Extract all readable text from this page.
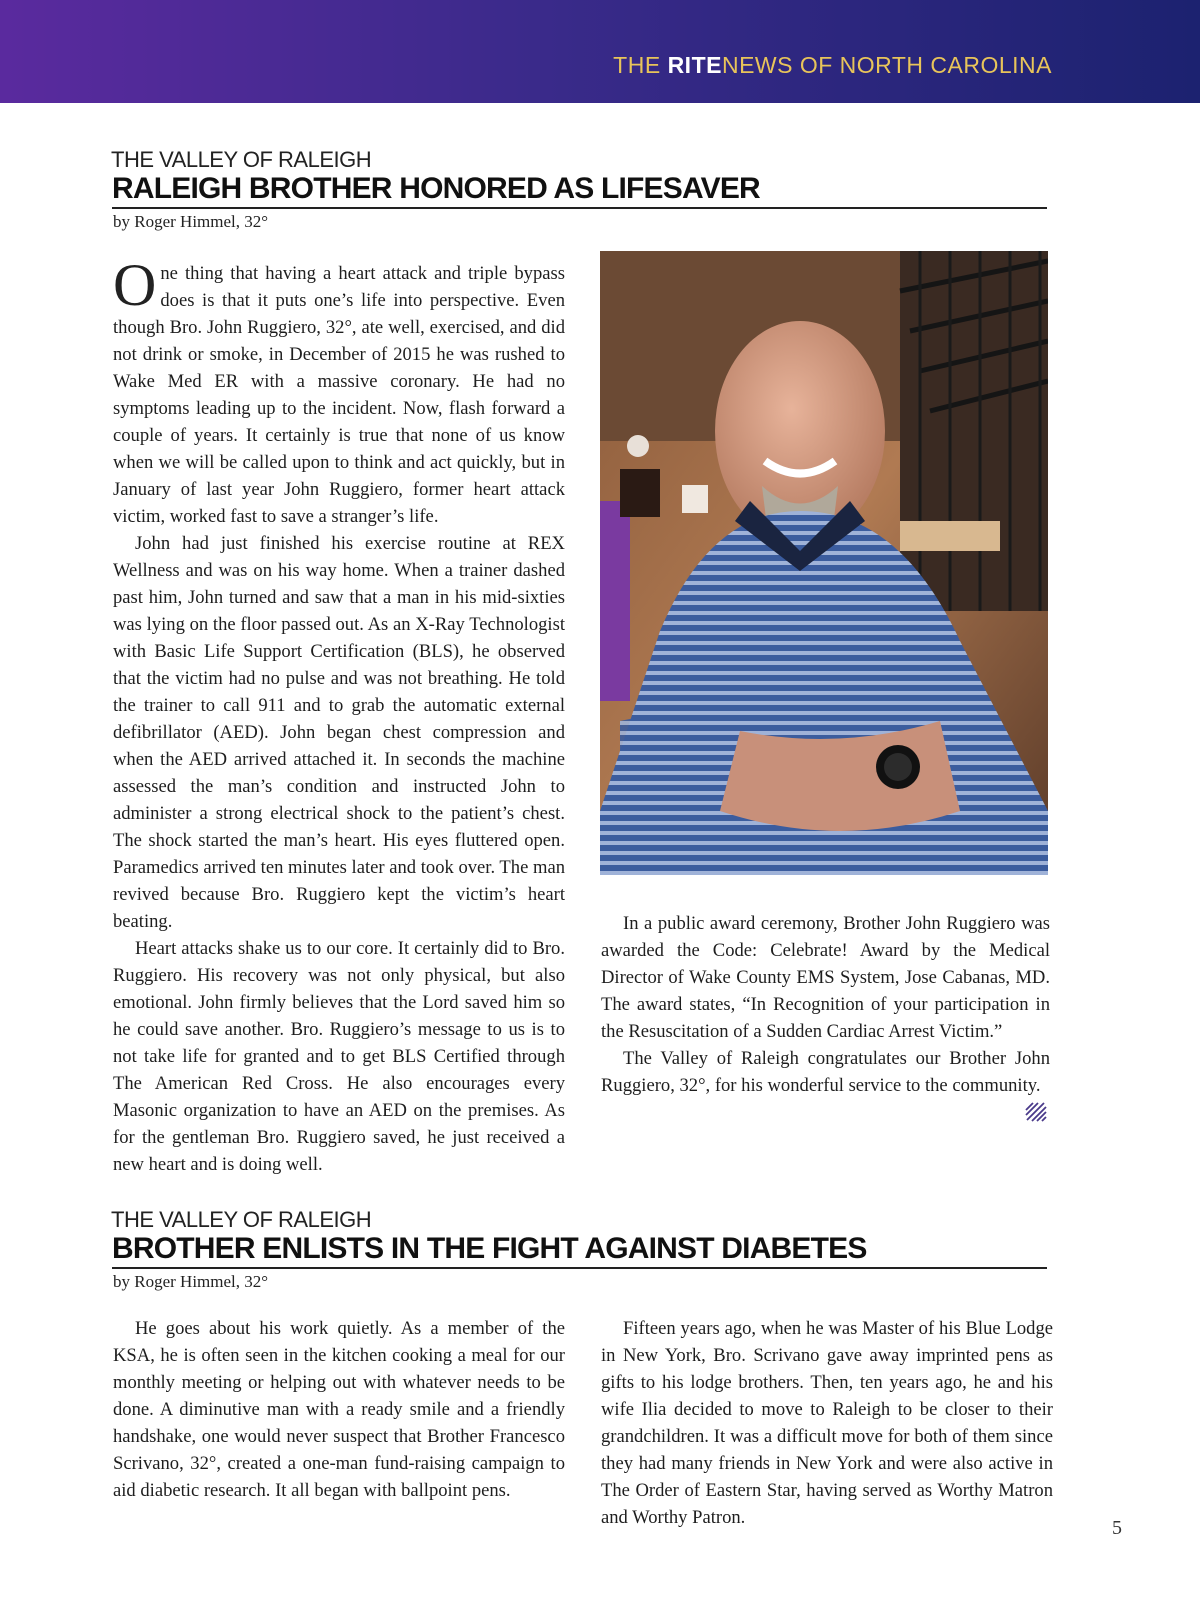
THE RITENEWS OF NORTH CAROLINA
THE VALLEY OF RALEIGH
RALEIGH BROTHER HONORED AS LIFESAVER
by Roger Himmel, 32°

One thing that having a heart attack and triple bypass does is that it puts one’s life into perspective. Even though Bro. John Ruggiero, 32°, ate well, exercised, and did not drink or smoke, in December of 2015 he was rushed to Wake Med ER with a massive coronary. He had no symptoms leading up to the incident. Now, flash forward a couple of years. It certainly is true that none of us know when we will be called upon to think and act quickly, but in January of last year John Ruggiero, former heart attack victim, worked fast to save a stranger’s life.

John had just finished his exercise routine at REX Wellness and was on his way home. When a trainer dashed past him, John turned and saw that a man in his mid-sixties was lying on the floor passed out. As an X-Ray Technologist with Basic Life Support Certification (BLS), he observed that the victim had no pulse and was not breathing. He told the trainer to call 911 and to grab the automatic external defibrillator (AED). John began chest compression and when the AED arrived attached it. In seconds the machine assessed the man’s condition and instructed John to administer a strong electrical shock to the patient’s chest. The shock started the man’s heart. His eyes fluttered open. Paramedics arrived ten minutes later and took over. The man revived because Bro. Ruggiero kept the victim’s heart beating.

Heart attacks shake us to our core. It certainly did to Bro. Ruggiero. His recovery was not only physical, but also emotional. John firmly believes that the Lord saved him so he could save another. Bro. Ruggiero’s message to us is to not take life for granted and to get BLS Certified through The American Red Cross. He also encourages every Masonic organization to have an AED on the premises. As for the gentleman Bro. Ruggiero saved, he just received a new heart and is doing well.

In a public award ceremony, Brother John Ruggiero was awarded the Code: Celebrate! Award by the Medical Director of Wake County EMS System, Jose Cabanas, MD. The award states, “In Recognition of your participation in the Resuscitation of a Sudden Cardiac Arrest Victim.”

The Valley of Raleigh congratulates our Brother John Ruggiero, 32°, for his wonderful service to the community.

THE VALLEY OF RALEIGH
BROTHER ENLISTS IN THE FIGHT AGAINST DIABETES
by Roger Himmel, 32°

He goes about his work quietly. As a member of the KSA, he is often seen in the kitchen cooking a meal for our monthly meeting or helping out with whatever needs to be done. A diminutive man with a ready smile and a friendly handshake, one would never suspect that Brother Francesco Scrivano, 32°, created a one-man fund-raising campaign to aid diabetic research. It all began with ballpoint pens.

Fifteen years ago, when he was Master of his Blue Lodge in New York, Bro. Scrivano gave away imprinted pens as gifts to his lodge brothers. Then, ten years ago, he and his wife Ilia decided to move to Raleigh to be closer to their grandchildren. It was a difficult move for both of them since they had many friends in New York and were also active in The Order of Eastern Star, having served as Worthy Matron and Worthy Patron.	5
